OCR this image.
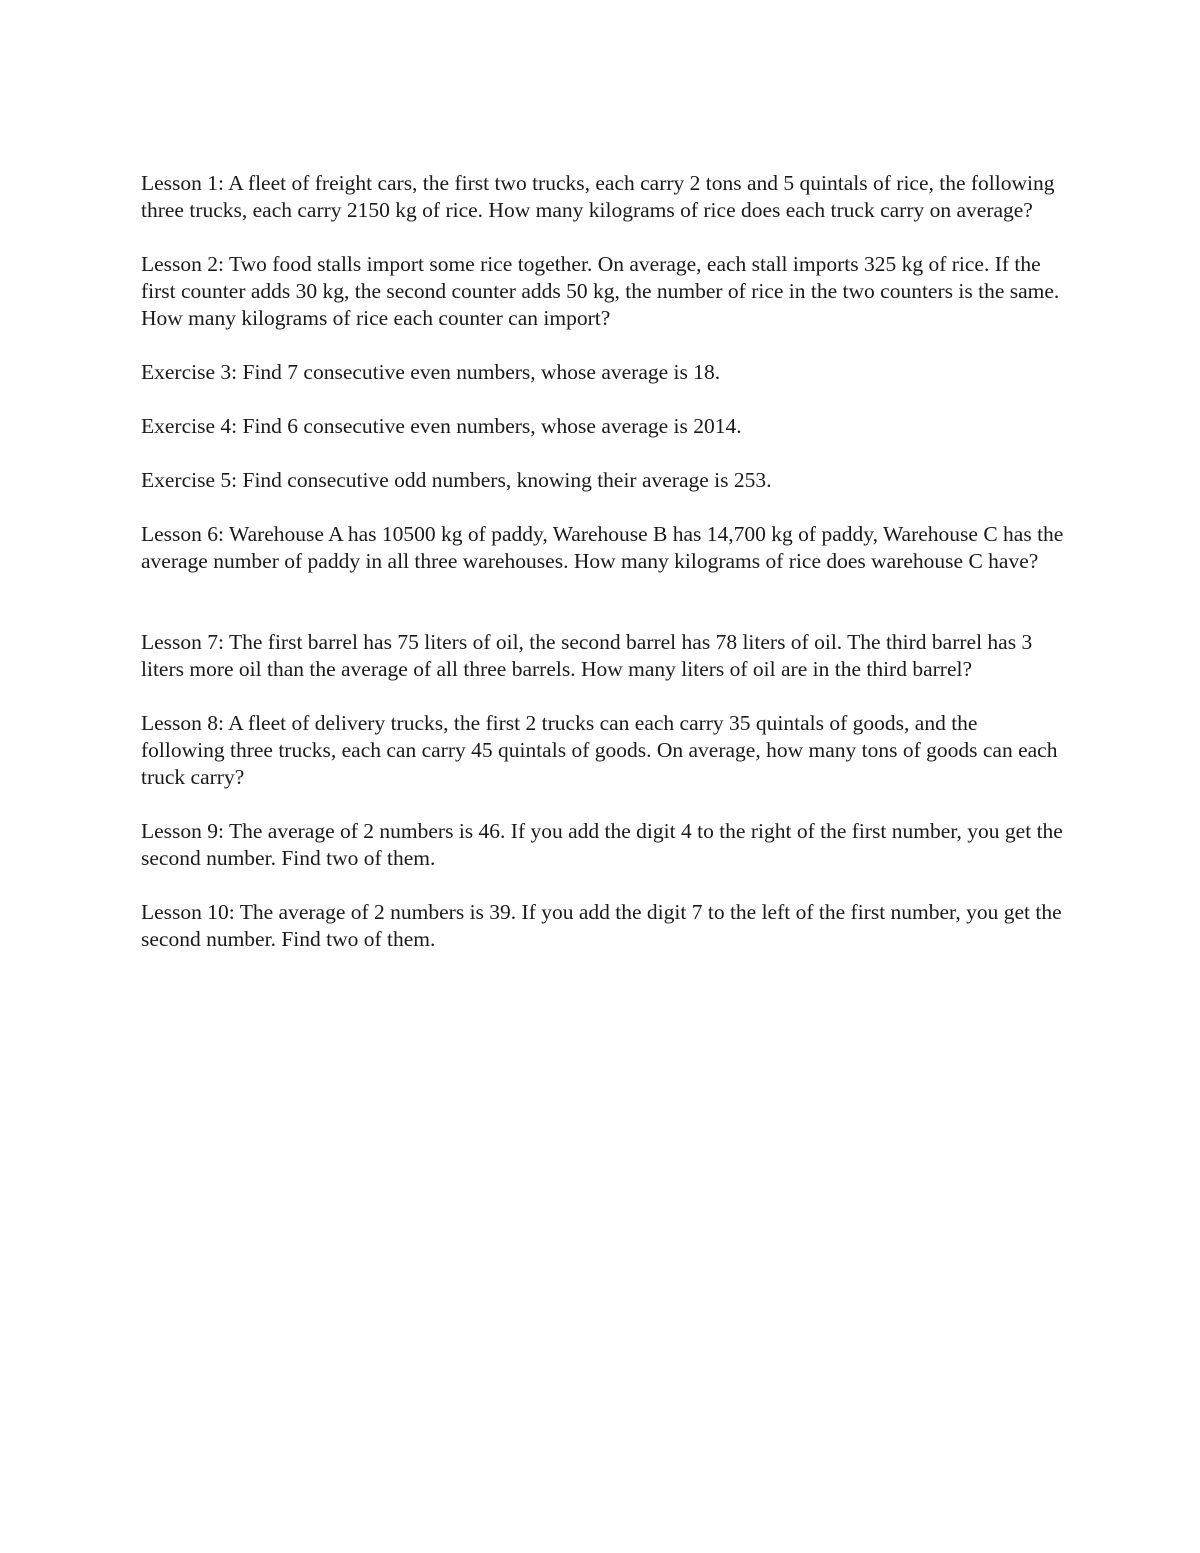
Lesson 1: A fleet of freight cars, the first two trucks, each carry 2 tons and 5 quintals of rice, the following three trucks, each carry 2150 kg of rice. How many kilograms of rice does each truck carry on average?

Lesson 2: Two food stalls import some rice together. On average, each stall imports 325 kg of rice. If the first counter adds 30 kg, the second counter adds 50 kg, the number of rice in the two counters is the same. How many kilograms of rice each counter can import?

Exercise 3: Find 7 consecutive even numbers, whose average is 18.

Exercise 4: Find 6 consecutive even numbers, whose average is 2014.

Exercise 5: Find consecutive odd numbers, knowing their average is 253.

Lesson 6: Warehouse A has 10500 kg of paddy, Warehouse B has 14,700 kg of paddy, Warehouse C has the average number of paddy in all three warehouses. How many kilograms of rice does warehouse C have?

Lesson 7: The first barrel has 75 liters of oil, the second barrel has 78 liters of oil. The third barrel has 3 liters more oil than the average of all three barrels. How many liters of oil are in the third barrel?

Lesson 8: A fleet of delivery trucks, the first 2 trucks can each carry 35 quintals of goods, and the following three trucks, each can carry 45 quintals of goods. On average, how many tons of goods can each truck carry?

Lesson 9: The average of 2 numbers is 46. If you add the digit 4 to the right of the first number, you get the second number. Find two of them.

Lesson 10: The average of 2 numbers is 39. If you add the digit 7 to the left of the first number, you get the second number. Find two of them.
